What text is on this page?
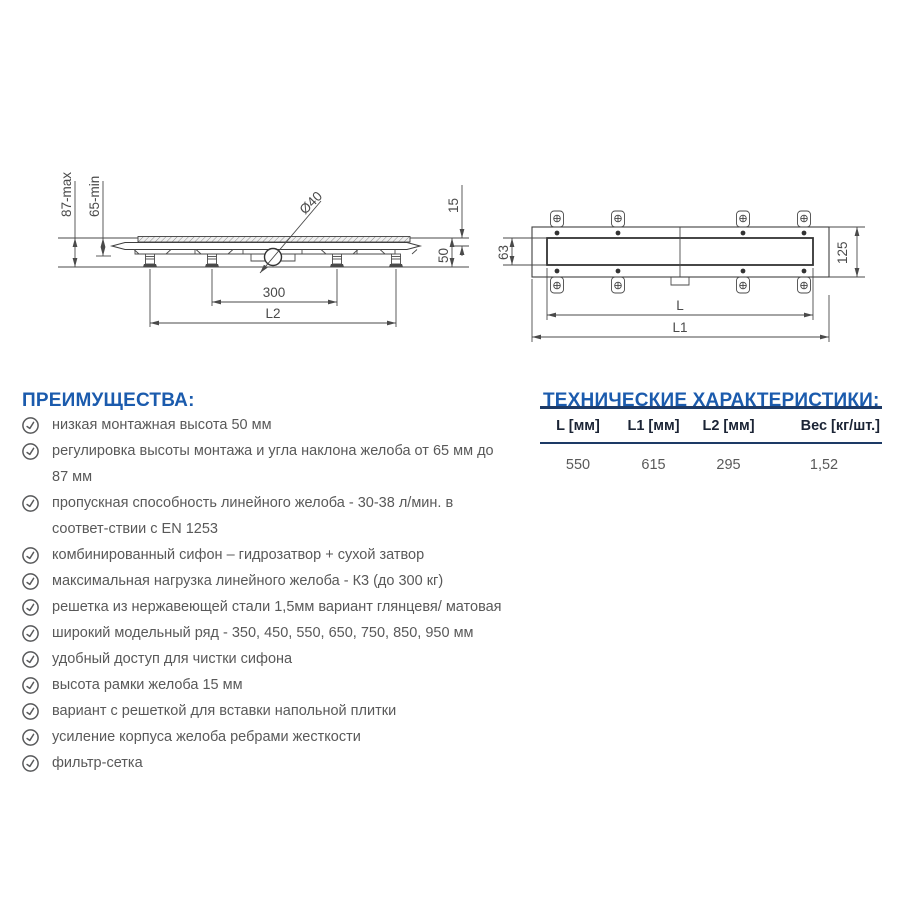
87-max 65-min	15
50
Ø40
300
L2
63	125
L
L1
ПРЕИМУЩЕСТВА:
низкая монтажная высота 50 мм
регулировка высоты монтажа и угла наклона желоба от 65 мм до 87 мм
пропускная способность линейного желоба - 30-38 л/мин. в соответ-ствии с EN 1253
комбинированный сифон – гидрозатвор + сухой затвор
максимальная нагрузка линейного желоба - К3 (до 300 кг)
решетка из нержавеющей стали 1,5мм вариант глянцевя/ матовая
широкий модельный ряд - 350, 450, 550, 650, 750, 850, 950 мм
удобный доступ для чистки сифона
высота рамки желоба 15 мм
вариант с решеткой для вставки напольной плитки
усиление корпуса желоба ребрами жесткости
фильтр-сетка
ТЕХНИЧЕСКИЕ ХАРАКТЕРИСТИКИ:
L [мм]	L1 [мм]	L2 [мм]	Вес [кг/шт.]
550	615	295	1,52
